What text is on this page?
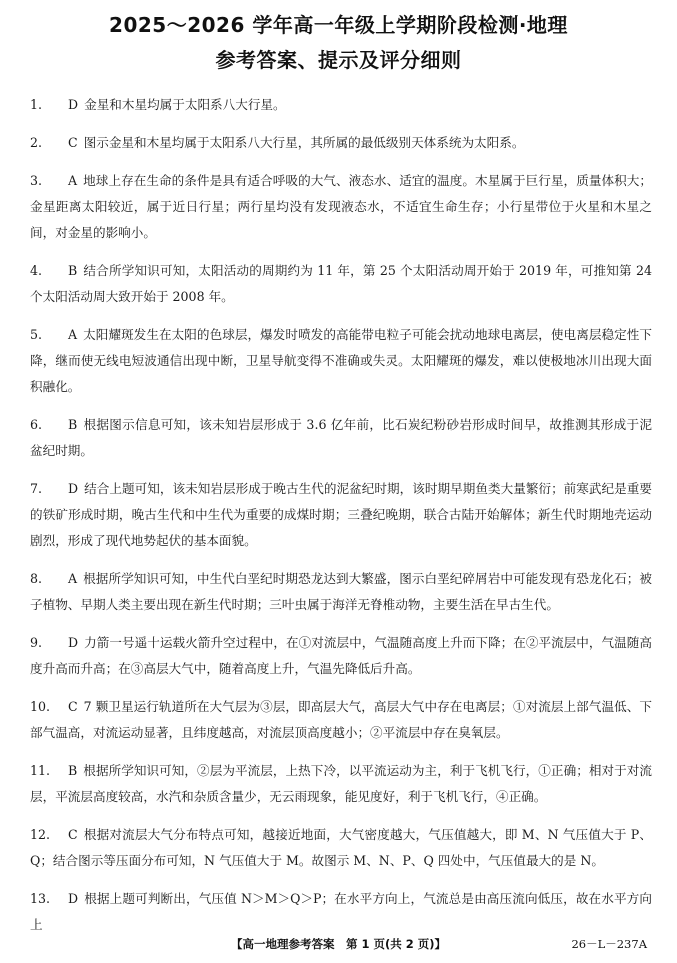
2025～2026 学年高一年级上学期阶段检测·地理
参考答案、提示及评分细则
1. D 金星和木星均属于太阳系八大行星。
2. C 图示金星和木星均属于太阳系八大行星，其所属的最低级别天体系统为太阳系。
3. A 地球上存在生命的条件是具有适合呼吸的大气、液态水、适宜的温度。木星属于巨行星，质量体积大；金星距离太阳较近，属于近日行星；两行星均没有发现液态水，不适宜生命生存；小行星带位于火星和木星之间，对金星的影响小。
4. B 结合所学知识可知，太阳活动的周期约为 11 年，第 25 个太阳活动周开始于 2019 年，可推知第 24 个太阳活动周大致开始于 2008 年。
5. A 太阳耀斑发生在太阳的色球层，爆发时喷发的高能带电粒子可能会扰动地球电离层，使电离层稳定性下降，继而使无线电短波通信出现中断，卫星导航变得不准确或失灵。太阳耀斑的爆发，难以使极地冰川出现大面积融化。
6. B 根据图示信息可知，该未知岩层形成于 3.6 亿年前，比石炭纪粉砂岩形成时间早，故推测其形成于泥盆纪时期。
7. D 结合上题可知，该未知岩层形成于晚古生代的泥盆纪时期，该时期早期鱼类大量繁衍；前寒武纪是重要的铁矿形成时期，晚古生代和中生代为重要的成煤时期；三叠纪晚期，联合古陆开始解体；新生代时期地壳运动剧烈，形成了现代地势起伏的基本面貌。
8. A 根据所学知识可知，中生代白垩纪时期恐龙达到大繁盛，图示白垩纪碎屑岩中可能发现有恐龙化石；被子植物、早期人类主要出现在新生代时期；三叶虫属于海洋无脊椎动物，主要生活在早古生代。
9. D 力箭一号遥十运载火箭升空过程中，在①对流层中，气温随高度上升而下降；在②平流层中，气温随高度升高而升高；在③高层大气中，随着高度上升，气温先降低后升高。
10. C 7 颗卫星运行轨道所在大气层为③层，即高层大气，高层大气中存在电离层；①对流层上部气温低、下部气温高，对流运动显著，且纬度越高，对流层顶高度越小；②平流层中存在臭氧层。
11. B 根据所学知识可知，②层为平流层，上热下冷，以平流运动为主，利于飞机飞行，①正确；相对于对流层，平流层高度较高，水汽和杂质含量少，无云雨现象，能见度好，利于飞机飞行，④正确。
12. C 根据对流层大气分布特点可知，越接近地面，大气密度越大，气压值越大，即 M、N 气压值大于 P、Q；结合图示等压面分布可知，N 气压值大于 M。故图示 M、N、P、Q 四处中，气压值最大的是 N。
13. D 根据上题可判断出，气压值 N＞M＞Q＞P；在水平方向上，气流总是由高压流向低压，故在水平方向上
【高一地理参考答案　第 1 页(共 2 页)】	26－L－237A
